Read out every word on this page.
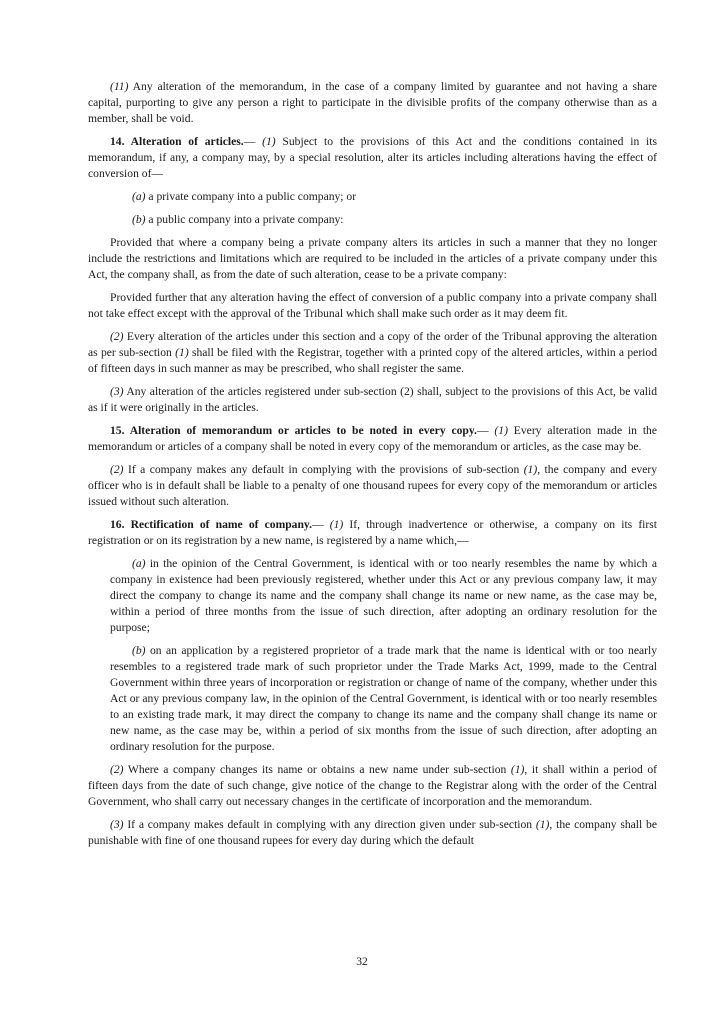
(11) Any alteration of the memorandum, in the case of a company limited by guarantee and not having a share capital, purporting to give any person a right to participate in the divisible profits of the company otherwise than as a member, shall be void.

14. Alteration of articles.— (1) Subject to the provisions of this Act and the conditions contained in its memorandum, if any, a company may, by a special resolution, alter its articles including alterations having the effect of conversion of—

(a) a private company into a public company; or

(b) a public company into a private company:

Provided that where a company being a private company alters its articles in such a manner that they no longer include the restrictions and limitations which are required to be included in the articles of a private company under this Act, the company shall, as from the date of such alteration, cease to be a private company:

Provided further that any alteration having the effect of conversion of a public company into a private company shall not take effect except with the approval of the Tribunal which shall make such order as it may deem fit.

(2) Every alteration of the articles under this section and a copy of the order of the Tribunal approving the alteration as per sub-section (1) shall be filed with the Registrar, together with a printed copy of the altered articles, within a period of fifteen days in such manner as may be prescribed, who shall register the same.

(3) Any alteration of the articles registered under sub-section (2) shall, subject to the provisions of this Act, be valid as if it were originally in the articles.

15. Alteration of memorandum or articles to be noted in every copy.— (1) Every alteration made in the memorandum or articles of a company shall be noted in every copy of the memorandum or articles, as the case may be.

(2) If a company makes any default in complying with the provisions of sub-section (1), the company and every officer who is in default shall be liable to a penalty of one thousand rupees for every copy of the memorandum or articles issued without such alteration.

16. Rectification of name of company.— (1) If, through inadvertence or otherwise, a company on its first registration or on its registration by a new name, is registered by a name which,—

(a) in the opinion of the Central Government, is identical with or too nearly resembles the name by which a company in existence had been previously registered, whether under this Act or any previous company law, it may direct the company to change its name and the company shall change its name or new name, as the case may be, within a period of three months from the issue of such direction, after adopting an ordinary resolution for the purpose;

(b) on an application by a registered proprietor of a trade mark that the name is identical with or too nearly resembles to a registered trade mark of such proprietor under the Trade Marks Act, 1999, made to the Central Government within three years of incorporation or registration or change of name of the company, whether under this Act or any previous company law, in the opinion of the Central Government, is identical with or too nearly resembles to an existing trade mark, it may direct the company to change its name and the company shall change its name or new name, as the case may be, within a period of six months from the issue of such direction, after adopting an ordinary resolution for the purpose.

(2) Where a company changes its name or obtains a new name under sub-section (1), it shall within a period of fifteen days from the date of such change, give notice of the change to the Registrar along with the order of the Central Government, who shall carry out necessary changes in the certificate of incorporation and the memorandum.

(3) If a company makes default in complying with any direction given under sub-section (1), the company shall be punishable with fine of one thousand rupees for every day during which the default

32
